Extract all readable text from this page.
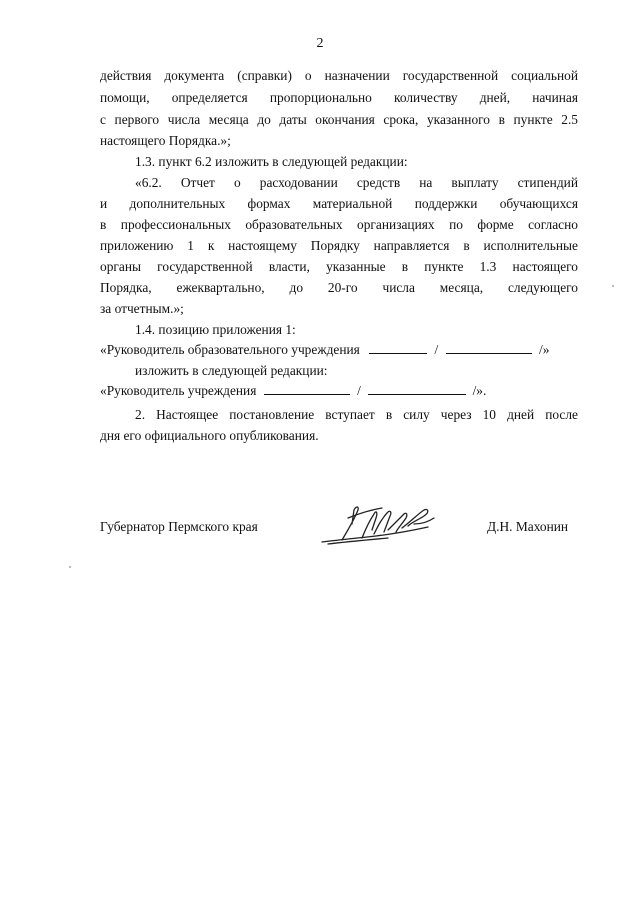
2
действия документа (справки) о назначении государственной социальной
помощи, определяется пропорционально количеству дней, начиная
с первого числа месяца до даты окончания срока, указанного в пункте 2.5
настоящего Порядка.»;
1.3. пункт 6.2 изложить в следующей редакции:
«6.2. Отчет о расходовании средств на выплату стипендий
и дополнительных формах материальной поддержки обучающихся
в профессиональных образовательных организациях по форме согласно
приложению 1 к настоящему Порядку направляется в исполнительные
органы государственной власти, указанные в пункте 1.3 настоящего
Порядка, ежеквартально, до 20-го числа месяца, следующего
за отчетным.»;
1.4. позицию приложения 1:
«Руководитель образовательного учреждения	/	/»
изложить в следующей редакции:
«Руководитель учреждения	/	/».
2. Настоящее постановление вступает в силу через 10 дней после
дня его официального опубликования.
Губернатор Пермского края	Д.Н. Махонин
